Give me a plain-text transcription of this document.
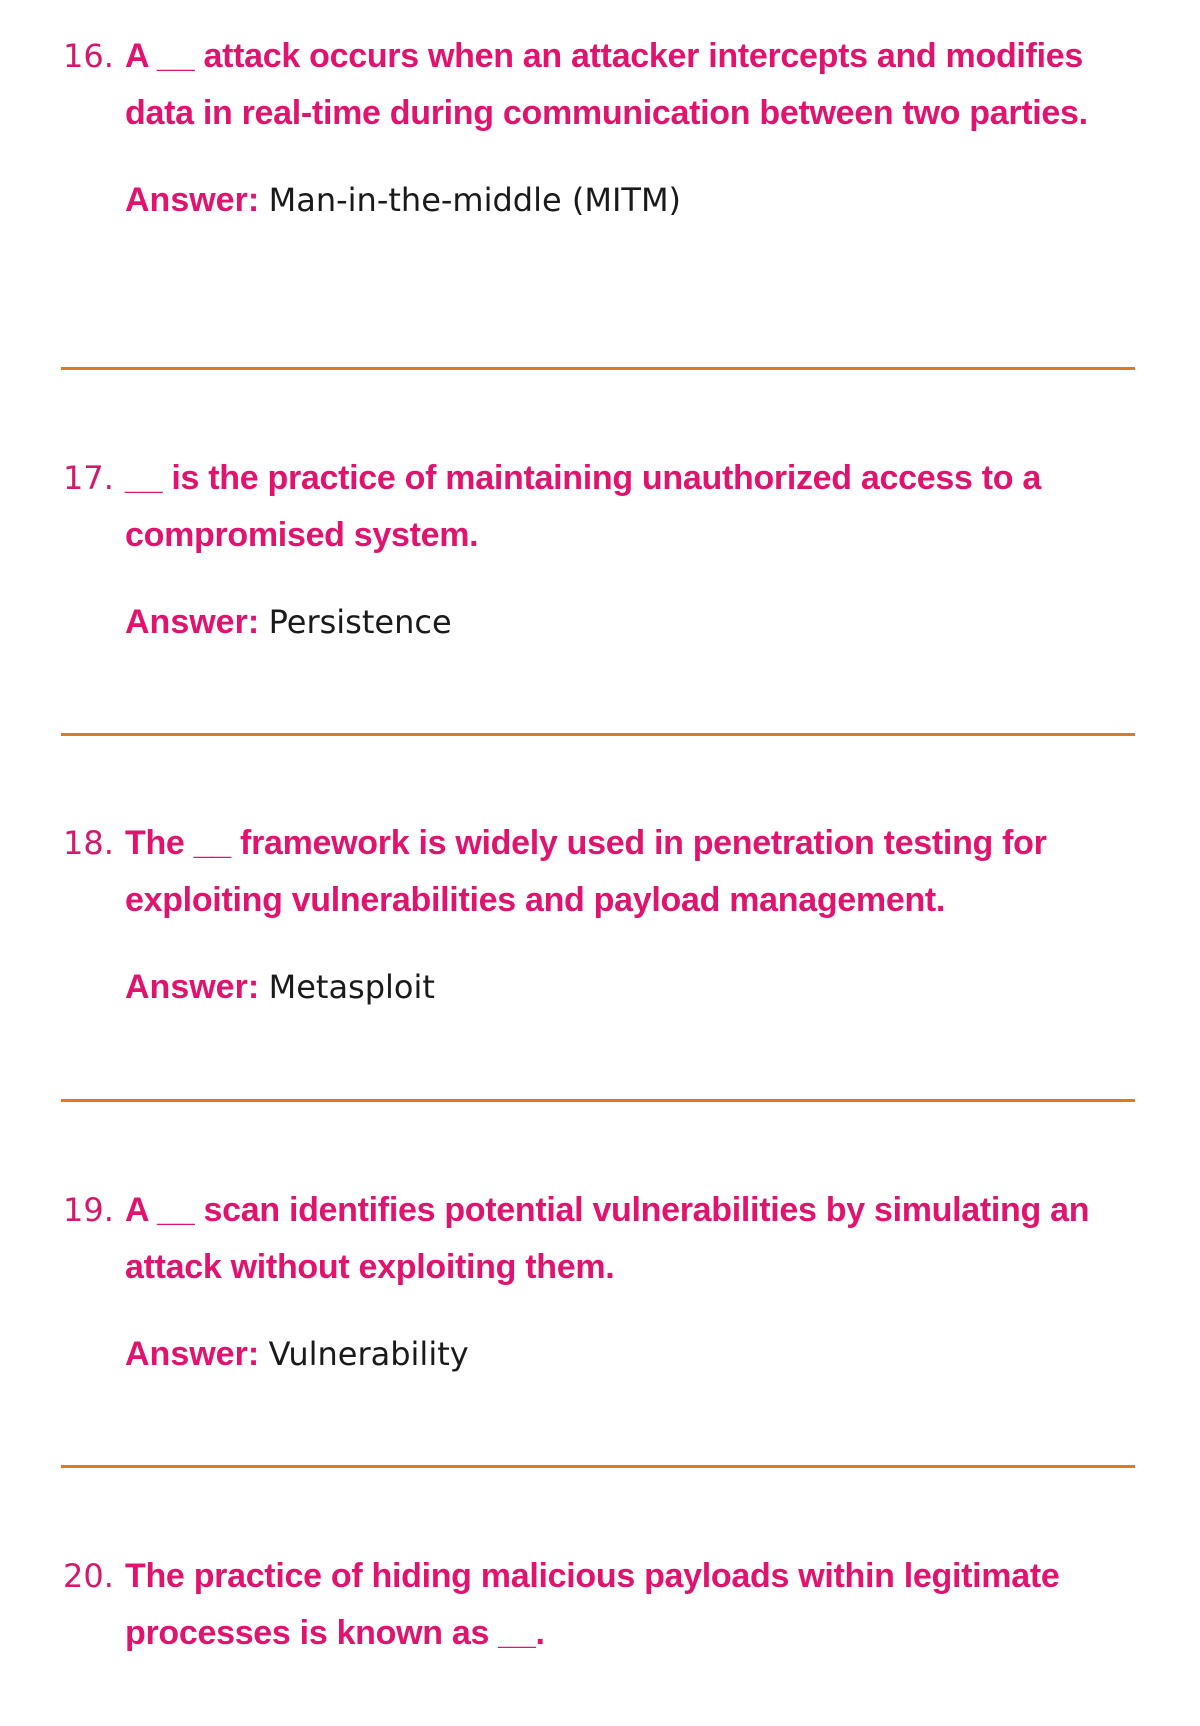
16. A __ attack occurs when an attacker intercepts and modifies data in real-time during communication between two parties.

Answer: Man-in-the-middle (MITM)

17. __ is the practice of maintaining unauthorized access to a compromised system.

Answer: Persistence

18. The __ framework is widely used in penetration testing for exploiting vulnerabilities and payload management.

Answer: Metasploit

19. A __ scan identifies potential vulnerabilities by simulating an attack without exploiting them.

Answer: Vulnerability

20. The practice of hiding malicious payloads within legitimate processes is known as __.
